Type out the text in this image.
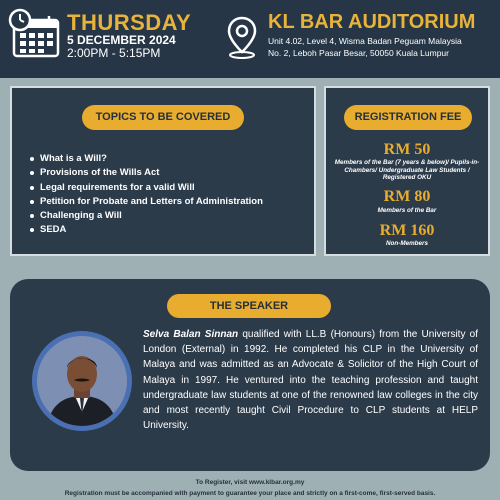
THURSDAY
5 DECEMBER 2024
2:00PM - 5:15PM
KL BAR AUDITORIUM
Unit 4.02, Level 4, Wisma Badan Peguam Malaysia
No. 2, Leboh Pasar Besar, 50050 Kuala Lumpur
TOPICS TO BE COVERED
What is a Will?
Provisions of the Wills Act
Legal requirements for a valid Will
Petition for Probate and Letters of Administration
Challenging a Will
SEDA
REGISTRATION FEE
RM 50
Members of the Bar (7 years & below)/ Pupils-in-Chambers/ Undergraduate Law Students / Registered OKU
RM 80
Members of the Bar
RM 160
Non-Members
THE SPEAKER

Selva Balan Sinnan qualified with LL.B (Honours) from the University of London (External) in 1992. He completed his CLP in the University of Malaya and was admitted as an Advocate & Solicitor of the High Court of Malaya in 1997. He ventured into the teaching profession and taught undergraduate law students at one of the renowned law colleges in the city and most recently taught Civil Procedure to CLP students at HELP University.

To Register, visit www.klbar.org.my
Registration must be accompanied with payment to guarantee your place and strictly on a first-come, first-served basis.
